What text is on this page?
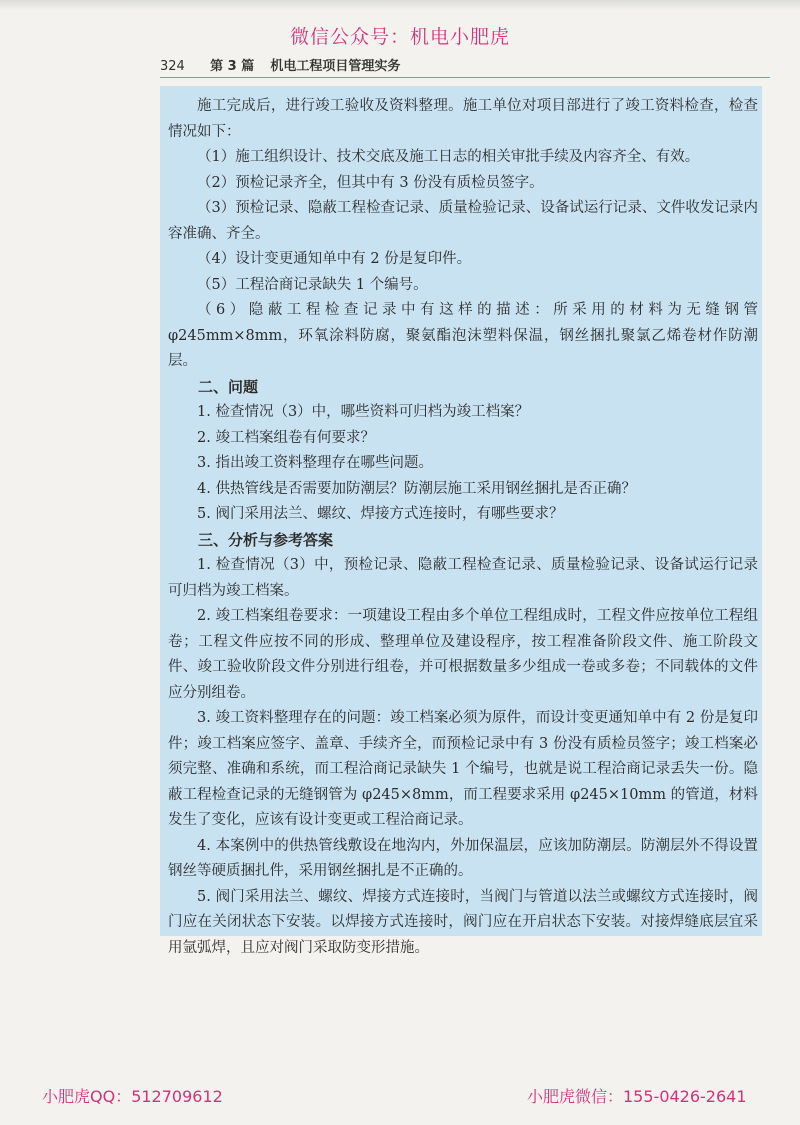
微信公众号：机电小肥虎
324 第 3 篇 机电工程项目管理实务

施工完成后，进行竣工验收及资料整理。施工单位对项目部进行了竣工资料检查，检查情况如下：

（1）施工组织设计、技术交底及施工日志的相关审批手续及内容齐全、有效。

（2）预检记录齐全，但其中有 3 份没有质检员签字。

（3）预检记录、隐蔽工程检查记录、质量检验记录、设备试运行记录、文件收发记录内容准确、齐全。

（4）设计变更通知单中有 2 份是复印件。

（5）工程洽商记录缺失 1 个编号。

（6）隐蔽工程检查记录中有这样的描述：所采用的材料为无缝钢管 φ245mm×8mm，环氧涂料防腐，聚氨酯泡沫塑料保温，钢丝捆扎聚氯乙烯卷材作防潮层。

二、问题

1. 检查情况（3）中，哪些资料可归档为竣工档案？

2. 竣工档案组卷有何要求？

3. 指出竣工资料整理存在哪些问题。

4. 供热管线是否需要加防潮层？防潮层施工采用钢丝捆扎是否正确？

5. 阀门采用法兰、螺纹、焊接方式连接时，有哪些要求？

三、分析与参考答案

1. 检查情况（3）中，预检记录、隐蔽工程检查记录、质量检验记录、设备试运行记录可归档为竣工档案。

2. 竣工档案组卷要求：一项建设工程由多个单位工程组成时，工程文件应按单位工程组卷；工程文件应按不同的形成、整理单位及建设程序，按工程准备阶段文件、施工阶段文件、竣工验收阶段文件分别进行组卷，并可根据数量多少组成一卷或多卷；不同载体的文件应分别组卷。

3. 竣工资料整理存在的问题：竣工档案必须为原件，而设计变更通知单中有 2 份是复印件；竣工档案应签字、盖章、手续齐全，而预检记录中有 3 份没有质检员签字；竣工档案必须完整、准确和系统，而工程洽商记录缺失 1 个编号，也就是说工程洽商记录丢失一份。隐蔽工程检查记录的无缝钢管为 φ245×8mm，而工程要求采用 φ245×10mm 的管道，材料发生了变化，应该有设计变更或工程洽商记录。

4. 本案例中的供热管线敷设在地沟内，外加保温层，应该加防潮层。防潮层外不得设置钢丝等硬质捆扎件，采用钢丝捆扎是不正确的。

5. 阀门采用法兰、螺纹、焊接方式连接时，当阀门与管道以法兰或螺纹方式连接时，阀门应在关闭状态下安装。以焊接方式连接时，阀门应在开启状态下安装。对接焊缝底层宜采用氩弧焊，且应对阀门采取防变形措施。

小肥虎QQ：512709612	小肥虎微信：155-0426-2641
